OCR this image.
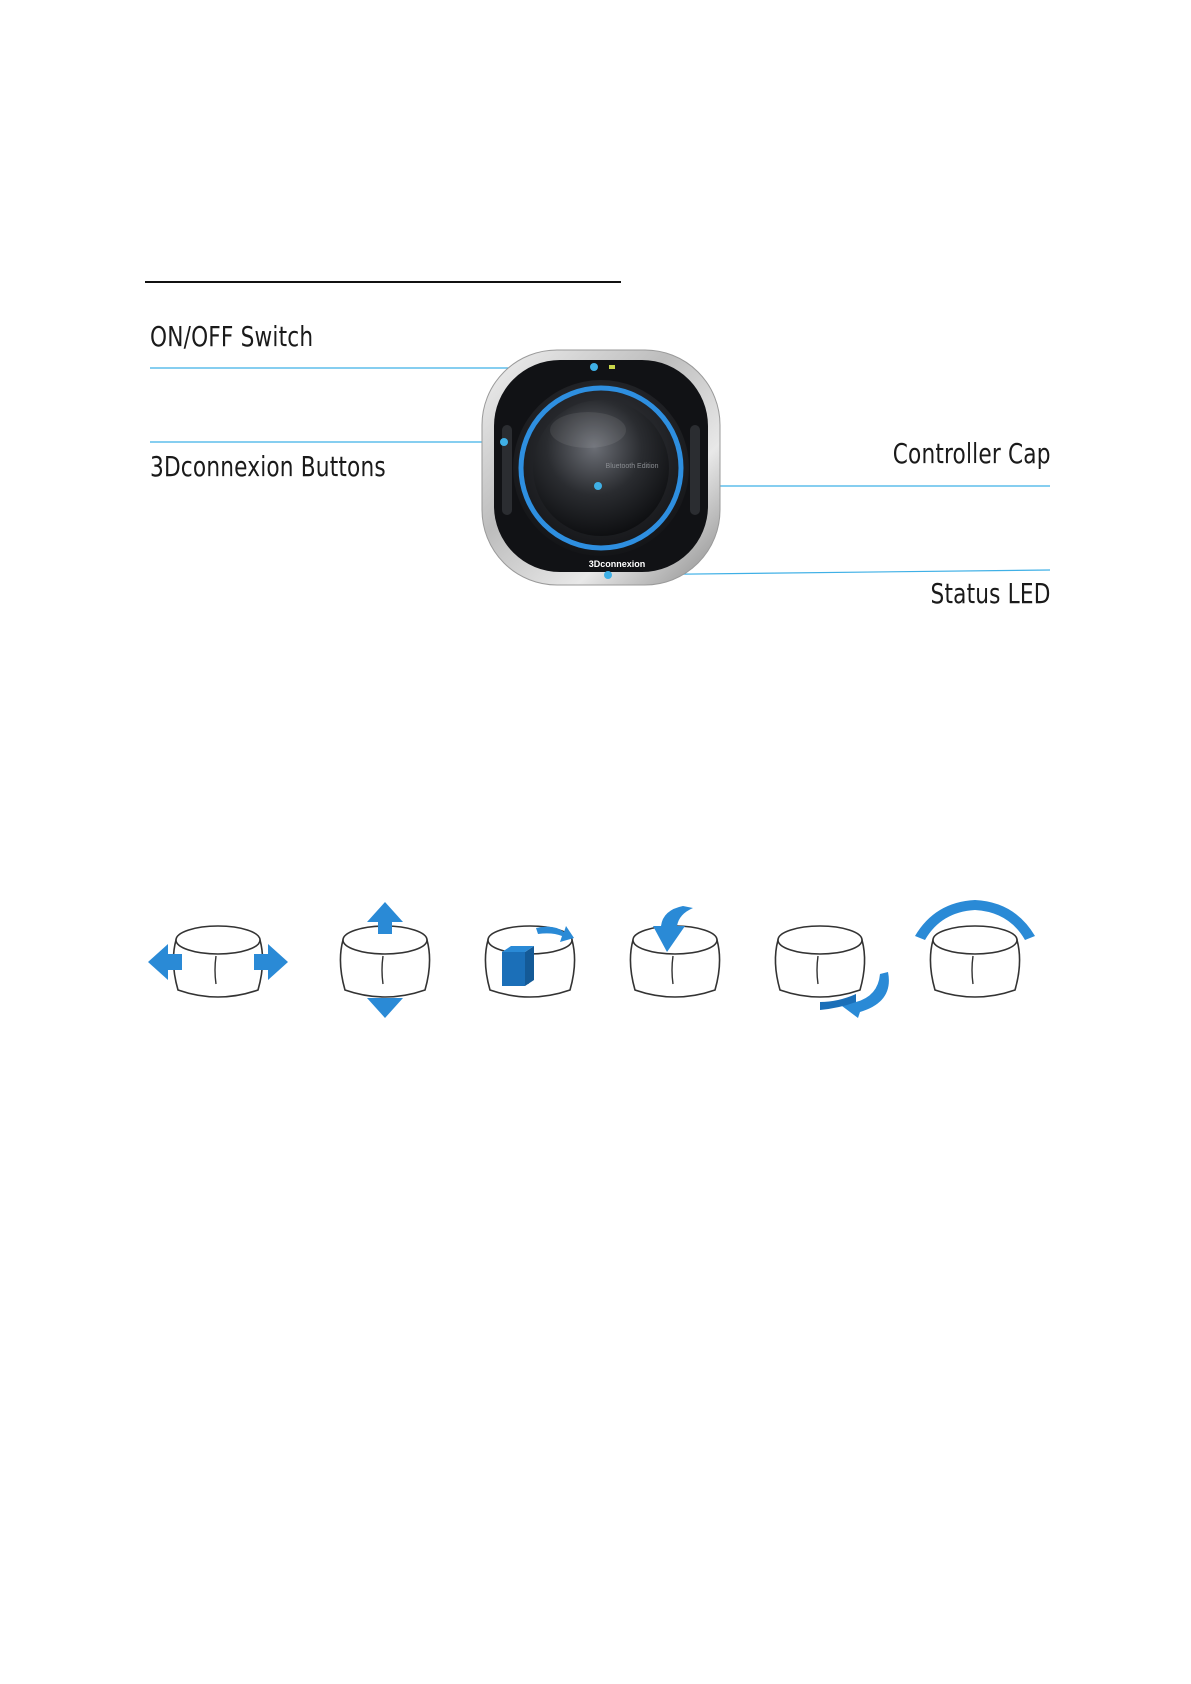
Bluetooth Edition
3Dconnexion
ON/OFF Switch
3Dconnexion Buttons	Controller Cap
Status LED
